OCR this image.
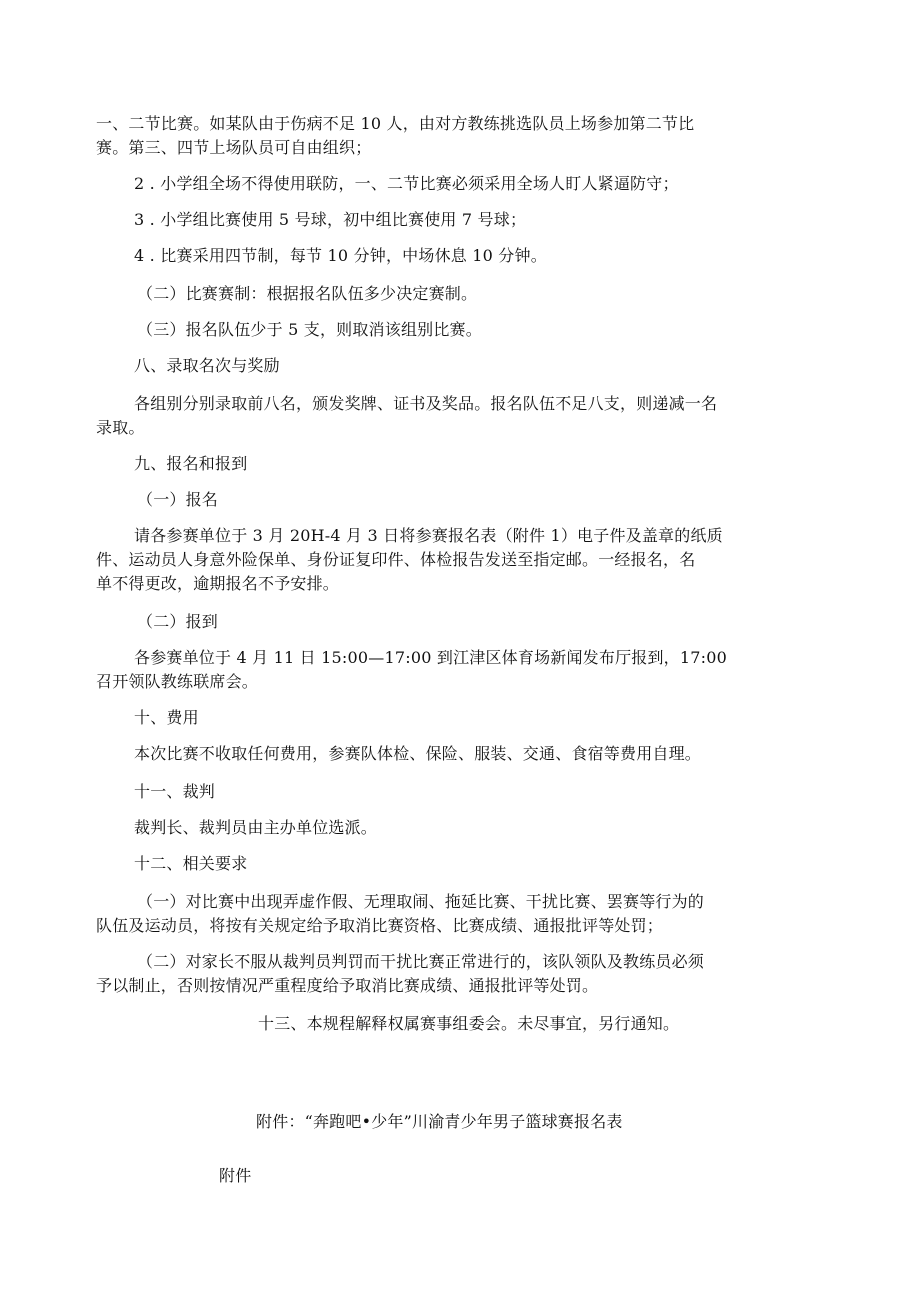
一、二节比赛。如某队由于伤病不足 10 人，由对方教练挑选队员上场参加第二节比
赛。第三、四节上场队员可自由组织；
2 . 小学组全场不得使用联防，一、二节比赛必须采用全场人盯人紧逼防守；
3 . 小学组比赛使用 5 号球，初中组比赛使用 7 号球；
4 . 比赛采用四节制，每节 10 分钟，中场休息 10 分钟。
（二）比赛赛制：根据报名队伍多少决定赛制。
（三）报名队伍少于 5 支，则取消该组别比赛。
八、录取名次与奖励
各组别分别录取前八名，颁发奖牌、证书及奖品。报名队伍不足八支，则递减一名
录取。
九、报名和报到
（一）报名
请各参赛单位于 3 月 20H-4 月 3 日将参赛报名表（附件 1）电子件及盖章的纸质
件、运动员人身意外险保单、身份证复印件、体检报告发送至指定邮。一经报名，名
单不得更改，逾期报名不予安排。
（二）报到
各参赛单位于 4 月 11 日 15:00—17:00 到江津区体育场新闻发布厅报到，17:00
召开领队教练联席会。
十、费用
本次比赛不收取任何费用，参赛队体检、保险、服装、交通、食宿等费用自理。
十一、裁判
裁判长、裁判员由主办单位选派。
十二、相关要求
（一）对比赛中出现弄虚作假、无理取闹、拖延比赛、干扰比赛、罢赛等行为的
队伍及运动员，将按有关规定给予取消比赛资格、比赛成绩、通报批评等处罚；
（二）对家长不服从裁判员判罚而干扰比赛正常进行的，该队领队及教练员必须
予以制止，否则按情况严重程度给予取消比赛成绩、通报批评等处罚。
十三、本规程解释权属赛事组委会。未尽事宜，另行通知。
附件：“奔跑吧•少年”川渝青少年男子篮球赛报名表
附件
